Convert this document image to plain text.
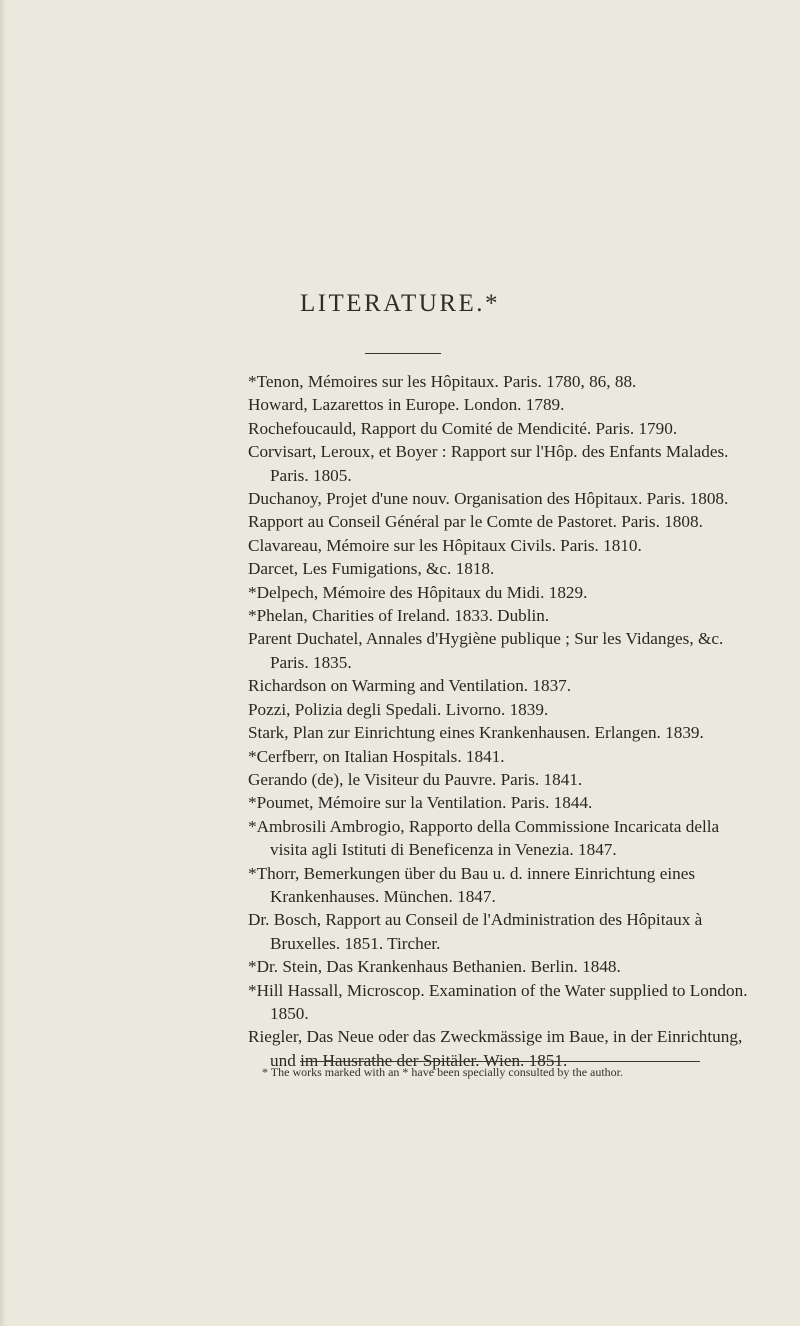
LITERATURE.*

*Tenon, Mémoires sur les Hôpitaux. Paris. 1780, 86, 88.

Howard, Lazarettos in Europe. London. 1789.

Rochefoucauld, Rapport du Comité de Mendicité. Paris. 1790.

Corvisart, Leroux, et Boyer : Rapport sur l'Hôp. des Enfants Malades. Paris. 1805.

Duchanoy, Projet d'une nouv. Organisation des Hôpitaux. Paris. 1808.

Rapport au Conseil Général par le Comte de Pastoret. Paris. 1808.

Clavareau, Mémoire sur les Hôpitaux Civils. Paris. 1810.

Darcet, Les Fumigations, &c. 1818.

*Delpech, Mémoire des Hôpitaux du Midi. 1829.

*Phelan, Charities of Ireland. 1833. Dublin.

Parent Duchatel, Annales d'Hygiène publique ; Sur les Vidanges, &c. Paris. 1835.

Richardson on Warming and Ventilation. 1837.

Pozzi, Polizia degli Spedali. Livorno. 1839.

Stark, Plan zur Einrichtung eines Krankenhausen. Erlangen. 1839.

*Cerfberr, on Italian Hospitals. 1841.

Gerando (de), le Visiteur du Pauvre. Paris. 1841.

*Poumet, Mémoire sur la Ventilation. Paris. 1844.

*Ambrosili Ambrogio, Rapporto della Commissione Incaricata della visita agli Istituti di Beneficenza in Venezia. 1847.

*Thorr, Bemerkungen über du Bau u. d. innere Einrichtung eines Krankenhauses. München. 1847.

Dr. Bosch, Rapport au Conseil de l'Administration des Hôpitaux à Bruxelles. 1851. Tircher.

*Dr. Stein, Das Krankenhaus Bethanien. Berlin. 1848.

*Hill Hassall, Microscop. Examination of the Water supplied to London. 1850.

Riegler, Das Neue oder das Zweckmässige im Baue, in der Einrichtung, und im Hausrathe der Spitäler. Wien. 1851.

* The works marked with an * have been specially consulted by the author.
